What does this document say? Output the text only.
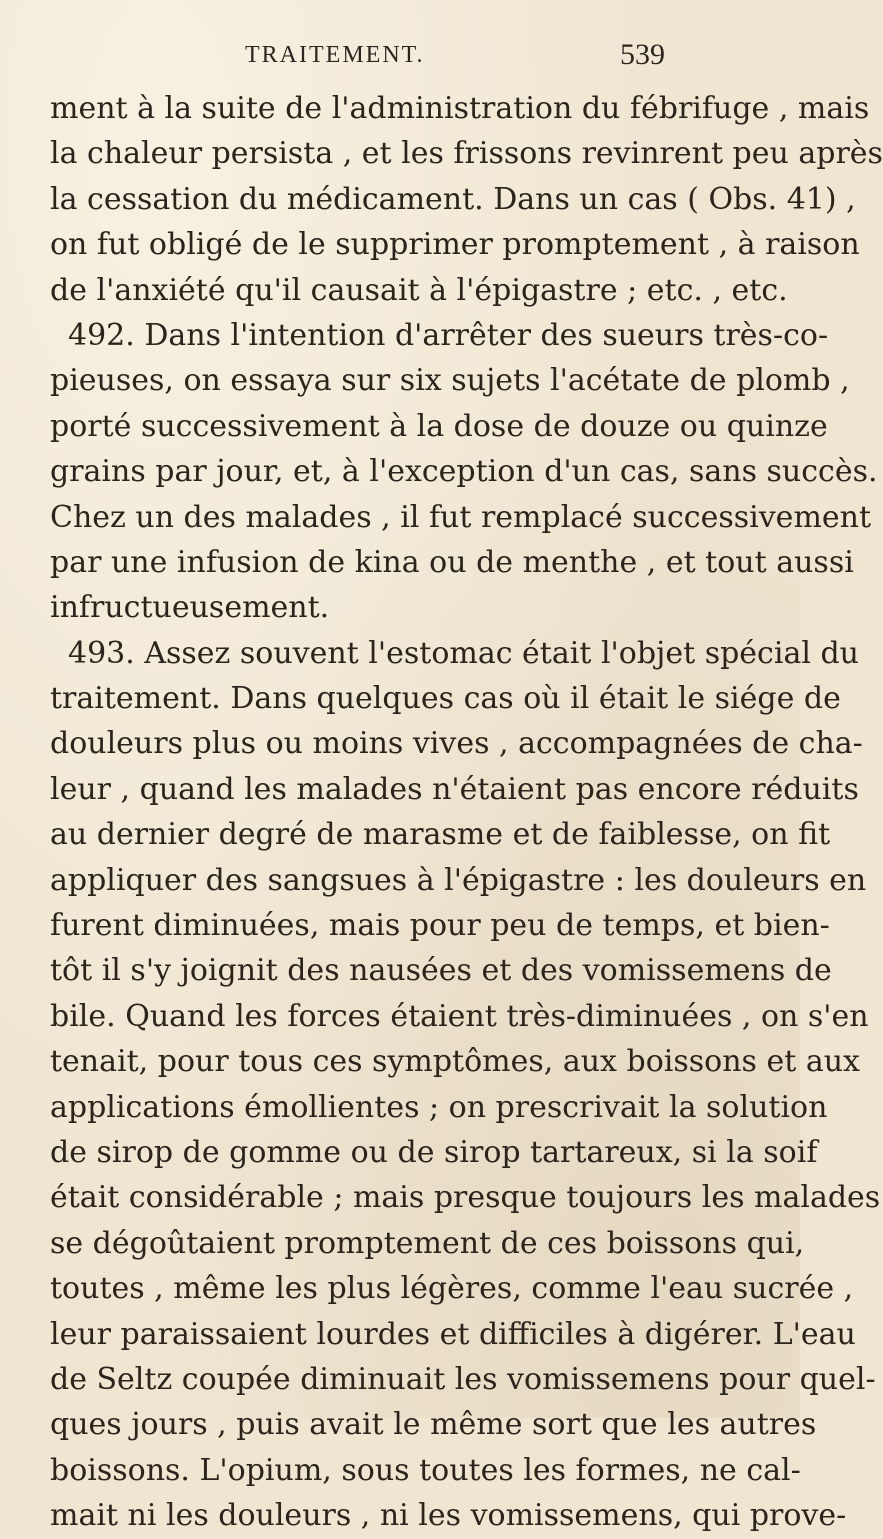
TRAITEMENT.	539
ment à la suite de l'administration du fébrifuge , mais
la chaleur persista , et les frissons revinrent peu après
la cessation du médicament. Dans un cas ( Obs. 41) ,
on fut obligé de le supprimer promptement , à raison
de l'anxiété qu'il causait à l'épigastre ; etc. , etc.
492. Dans l'intention d'arrêter des sueurs très-co-
pieuses, on essaya sur six sujets l'acétate de plomb ,
porté successivement à la dose de douze ou quinze
grains par jour, et, à l'exception d'un cas, sans succès.
Chez un des malades , il fut remplacé successivement
par une infusion de kina ou de menthe , et tout aussi
infructueusement.
493. Assez souvent l'estomac était l'objet spécial du
traitement. Dans quelques cas où il était le siége de
douleurs plus ou moins vives , accompagnées de cha-
leur , quand les malades n'étaient pas encore réduits
au dernier degré de marasme et de faiblesse, on fit
appliquer des sangsues à l'épigastre : les douleurs en
furent diminuées, mais pour peu de temps, et bien-
tôt il s'y joignit des nausées et des vomissemens de
bile. Quand les forces étaient très-diminuées , on s'en
tenait, pour tous ces symptômes, aux boissons et aux
applications émollientes ; on prescrivait la solution
de sirop de gomme ou de sirop tartareux, si la soif
était considérable ; mais presque toujours les malades
se dégoûtaient promptement de ces boissons qui,
toutes , même les plus légères, comme l'eau sucrée ,
leur paraissaient lourdes et difficiles à digérer. L'eau
de Seltz coupée diminuait les vomissemens pour quel-
ques jours , puis avait le même sort que les autres
boissons. L'opium, sous toutes les formes, ne cal-
mait ni les douleurs , ni les vomissemens, qui prove-
